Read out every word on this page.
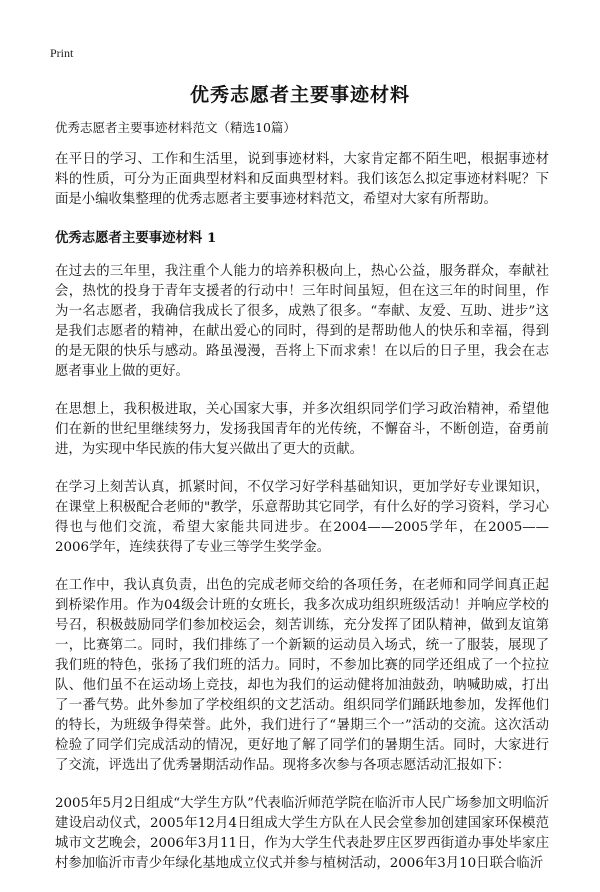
Print
优秀志愿者主要事迹材料

优秀志愿者主要事迹材料范文（精选10篇）

在平日的学习、工作和生活里，说到事迹材料，大家肯定都不陌生吧，根据事迹材料的性质，可分为正面典型材料和反面典型材料。我们该怎么拟定事迹材料呢？下面是小编收集整理的优秀志愿者主要事迹材料范文，希望对大家有所帮助。

优秀志愿者主要事迹材料 1

在过去的三年里，我注重个人能力的培养积极向上，热心公益，服务群众，奉献社会，热忱的投身于青年支援者的行动中！三年时间虽短，但在这三年的时间里，作为一名志愿者，我确信我成长了很多，成熟了很多。“奉献、友爱、互助、进步”这是我们志愿者的精神，在献出爱心的同时，得到的是帮助他人的快乐和幸福，得到的是无限的快乐与感动。路虽漫漫，吾将上下而求索！在以后的日子里，我会在志愿者事业上做的更好。

在思想上，我积极进取，关心国家大事，并多次组织同学们学习政治精神，希望他们在新的世纪里继续努力，发扬我国青年的光传统，不懈奋斗，不断创造，奋勇前进，为实现中华民族的伟大复兴做出了更大的贡献。

在学习上刻苦认真，抓紧时间，不仅学习好学科基础知识，更加学好专业课知识，在课堂上积极配合老师的"教学，乐意帮助其它同学，有什么好的学习资料，学习心得也与他们交流，希望大家能共同进步。在2004——2005学年，在2005——2006学年，连续获得了专业三等学生奖学金。

在工作中，我认真负责，出色的完成老师交给的各项任务，在老师和同学间真正起到桥梁作用。作为04级会计班的女班长，我多次成功组织班级活动！并响应学校的号召，积极鼓励同学们参加校运会，刻苦训练，充分发挥了团队精神，做到友谊第一，比赛第二。同时，我们排练了一个新颖的运动员入场式，统一了服装，展现了我们班的特色，张扬了我们班的活力。同时，不参加比赛的同学还组成了一个拉拉队、他们虽不在运动场上竞技，却也为我们的运动健将加油鼓劲，呐喊助威，打出了一番气势。此外参加了学校组织的文艺活动。组织同学们踊跃地参加，发挥他们的特长，为班级争得荣誉。此外，我们进行了“暑期三个一”活动的交流。这次活动检验了同学们完成活动的情况，更好地了解了同学们的暑期生活。同时，大家进行了交流，评选出了优秀暑期活动作品。现将多次参与各项志愿活动汇报如下：

2005年5月2日组成“大学生方队”代表临沂师范学院在临沂市人民广场参加文明临沂建设启动仪式，2005年12月4日组成大学生方队在人民会堂参加创建国家环保模范城市文艺晚会，2006年3月11日，作为大学生代表赴罗庄区罗西街道办事处毕家庄村参加临沂市青少年绿化基地成立仪式并参与植树活动，2006年3月10日联合临沂
